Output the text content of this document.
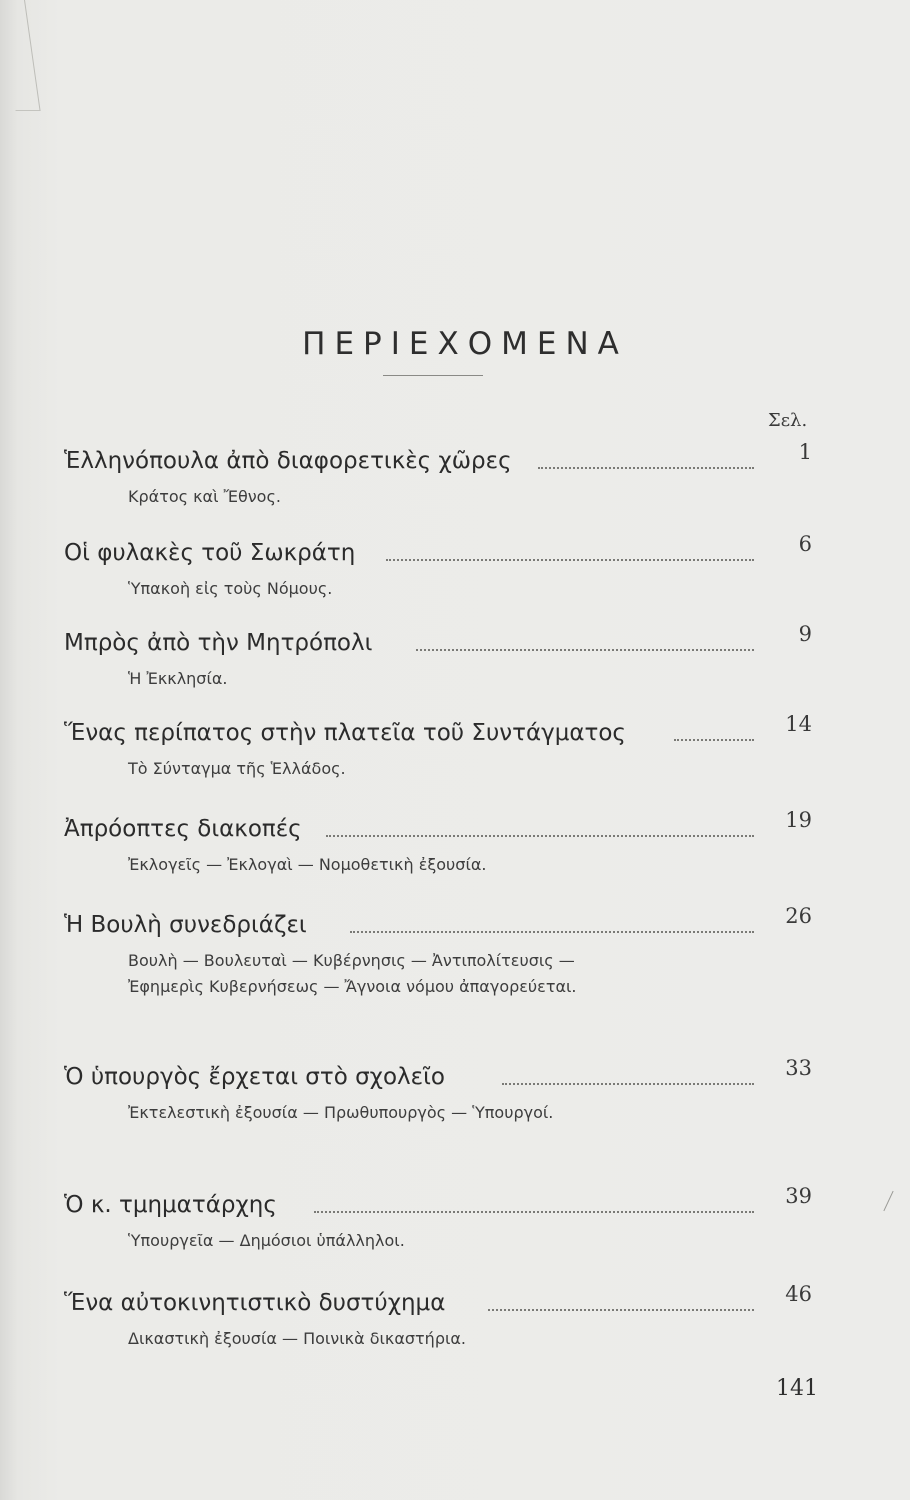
ΠΕΡΙΕΧΟΜΕΝΑ
Σελ.
Ἑλληνόπουλα ἀπὸ διαφορετικὲς χῶρες	1
Κράτος καὶ Ἔθνος.
Οἱ φυλακὲς τοῦ Σωκράτη	6
Ὑπακοὴ εἰς τοὺς Νόμους.
Μπρὸς ἀπὸ τὴν Μητρόπολι	9
Ἡ Ἐκκλησία.
Ἕνας περίπατος στὴν πλατεῖα τοῦ Συντάγματος	14
Τὸ Σύνταγμα τῆς Ἑλλάδος.
Ἀπρόοπτες διακοπές	19
Ἐκλογεῖς — Ἐκλογαὶ — Νομοθετικὴ ἐξουσία.
Ἡ Βουλὴ συνεδριάζει	26
Βουλὴ — Βουλευταὶ — Κυβέρνησις — Ἀντιπολίτευσις — Ἐφημερὶς Κυβερνήσεως — Ἄγνοια νόμου ἀπαγορεύεται.
Ὁ ὑπουργὸς ἔρχεται στὸ σχολεῖο	33
Ἐκτελεστικὴ ἐξουσία — Πρωθυπουργὸς — Ὑπουργοί.
Ὁ κ. τμηματάρχης	39
Ὑπουργεῖα — Δημόσιοι ὑπάλληλοι.
Ἕνα αὐτοκινητιστικὸ δυστύχημα	46
Δικαστικὴ ἐξουσία — Ποινικὰ δικαστήρια.
141
